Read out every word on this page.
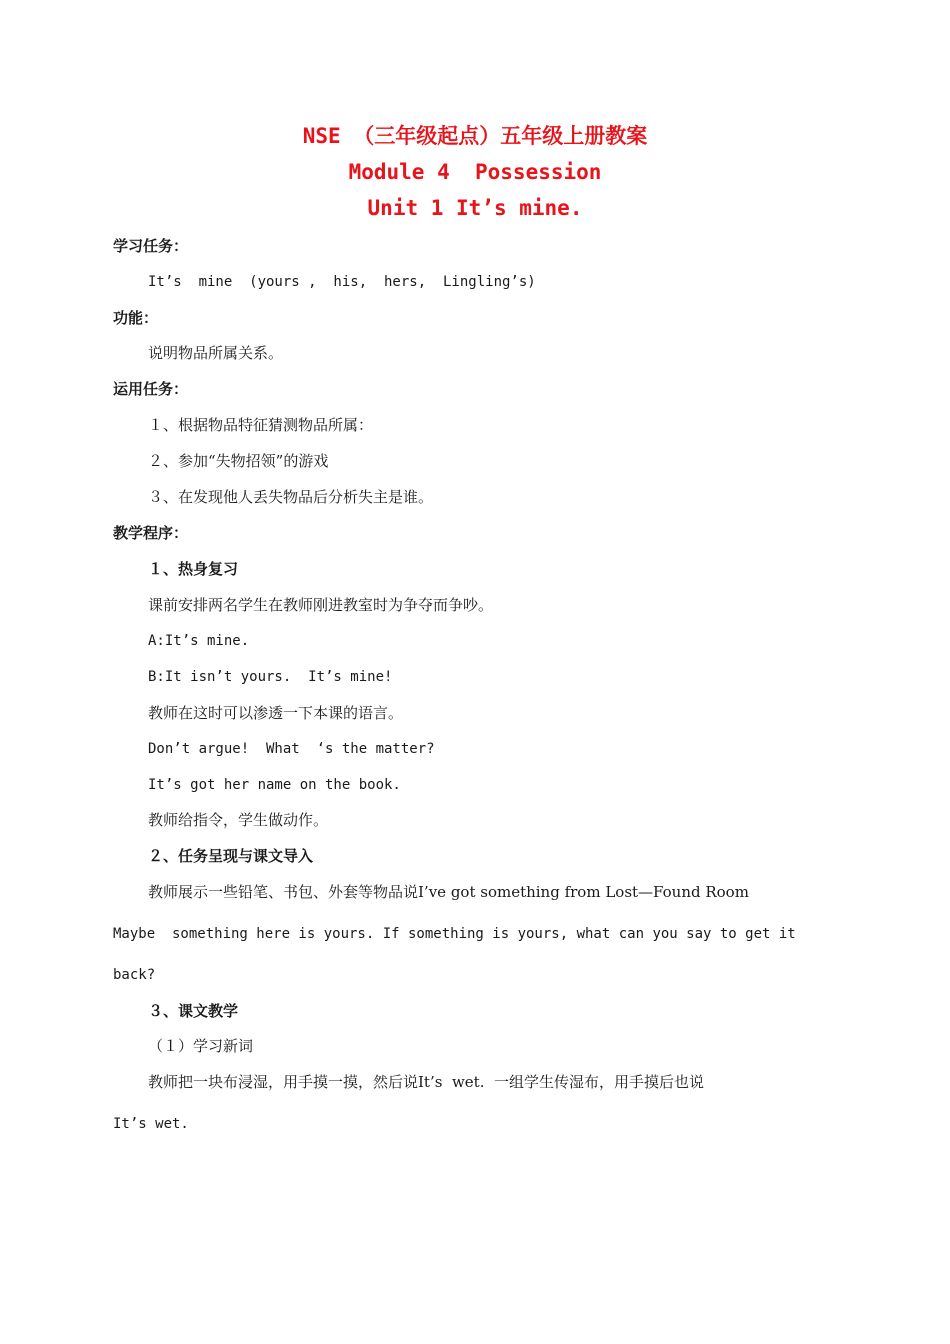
NSE （三年级起点）五年级上册教案
Module 4  Possession
Unit 1 It’s mine.
学习任务：
It’s  mine  (yours ,  his,  hers,  Lingling’s)
功能：
说明物品所属关系。
运用任务：
１、根据物品特征猜测物品所属：
２、参加“失物招领”的游戏
３、在发现他人丢失物品后分析失主是谁。
教学程序：
１、热身复习
课前安排两名学生在教师刚进教室时为争夺而争吵。
A:It’s mine.
B:It isn’t yours.  It’s mine!
教师在这时可以渗透一下本课的语言。
Don’t argue!  What  ‘s the matter?
It’s got her name on the book.
教师给指令，学生做动作。
２、任务呈现与课文导入
教师展示一些铅笔、书包、外套等物品说I’ve got something from Lost—Found Room
Maybe  something here is yours. If something is yours, what can you say to get it
back?
３、课文教学
（１）学习新词
教师把一块布浸湿，用手摸一摸，然后说It’s  wet.  一组学生传湿布，用手摸后也说
It’s wet.
